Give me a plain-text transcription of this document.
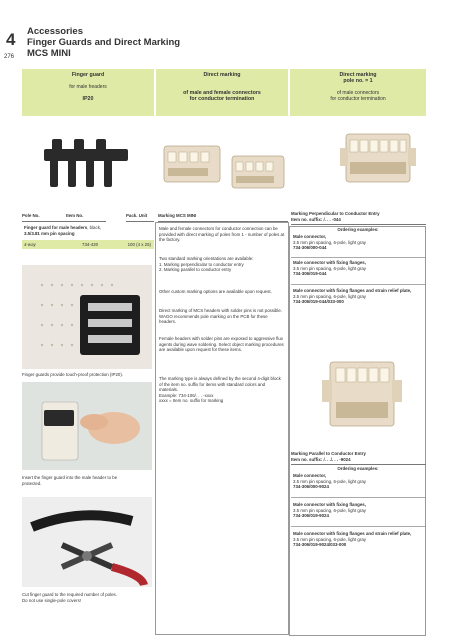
4
276
Accessories
Finger Guards and Direct Marking
MCS MINI
Finger guard

for male headers

IP20
Direct marking

of male and female connectors
for conductor termination
Direct marking
pole no. = 1

of male connectors
for conductor termination
Pole No.	Item No.	Pack. Unit	Marking MCS MINI	Marking Perpendicular to Conductor Entry
Item no. suffix: /. . . -044
Finger guard for male headers, black,
3.5/3.81 mm pin spacing
4-way	734-420	100 (4 x 25)
Finger guards provide touch-proof protection (IP20).
Insert the finger guard into the male header to be
protected.
Cut finger guard to the required number of poles.
Do not use single-pole covers!
Male and female connectors for conductor connection can be provided with direct marking of poles from 1 - number of poles at the factory.
Two standard marking orientations are available:
1. Marking perpendicular to conductor entry
2. Marking parallel to conductor entry
Other custom marking options are available upon request.
Direct marking of MCS headers with solder pins is not possible. WAGO recommends pole marking on the PCB for these headers.
Female headers with solder pins are exposed to aggressive flux agents during wave soldering. Select object marking procedures are available upon request for these items.
The marking type is always defined by the second 4-digit block of the item no. suffix for items with standard colors and materials.
Example: 734-106/. . . -xxxx
xxxx = Item no. suffix for marking
Ordering examples:
Male connector,
3.5 mm pin spacing, 6-pole, light gray
734-306/000-044
Male connector with fixing flanges,
3.5 mm pin spacing, 6-pole, light gray
734-306/019-044
Male connector with fixing flanges and strain relief plate,
3.5 mm pin spacing, 6-pole, light gray
734-306/019-044/033-000
Marking Parallel to Conductor Entry
Item no. suffix: /. . ./. . . -9024
Ordering examples:
Male connector,
3.5 mm pin spacing, 6-pole, light gray
734-306/000-9024
Male connector with fixing flanges,
3.5 mm pin spacing, 6-pole, light gray
734-306/019-9024
Male connector with fixing flanges and strain relief plate,
3.5 mm pin spacing, 6-pole, light gray
734-306/019-9024/033-000
